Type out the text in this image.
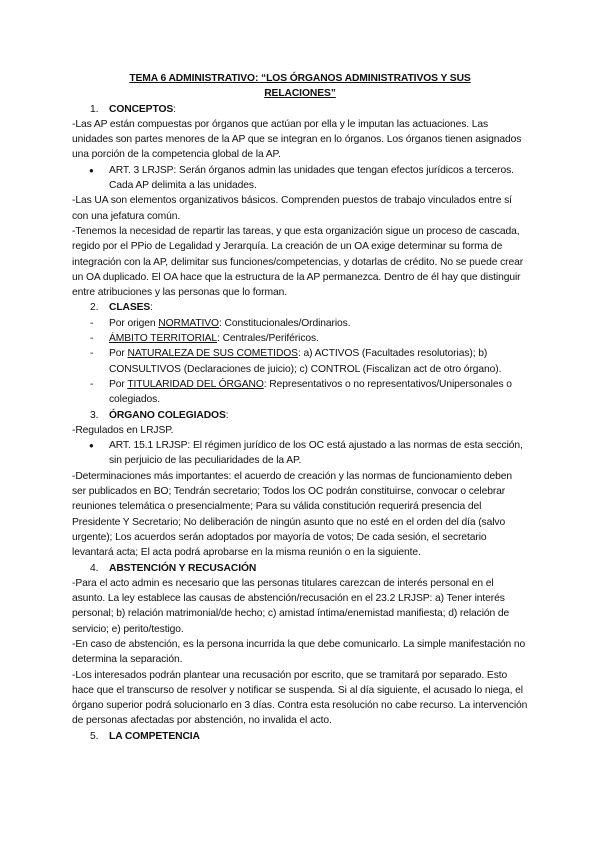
TEMA 6 ADMINISTRATIVO: “LOS ÓRGANOS ADMINISTRATIVOS Y SUS
RELACIONES”
1. CONCEPTOS:

-Las AP están compuestas por órganos que actúan por ella y le imputan las actuaciones. Las unidades son partes menores de la AP que se integran en lo órganos. Los órganos tienen asignados una porción de la competencia global de la AP.

● ART. 3 LRJSP: Serán órganos admin las unidades que tengan efectos jurídicos a terceros. Cada AP delimita a las unidades.

-Las UA son elementos organizativos básicos. Comprenden puestos de trabajo vinculados entre sí con una jefatura común.

-Tenemos la necesidad de repartir las tareas, y que esta organización sigue un proceso de cascada, regido por el PPio de Legalidad y Jerarquía. La creación de un OA exige determinar su forma de integración con la AP, delimitar sus funciones/competencias, y dotarlas de crédito. No se puede crear un OA duplicado. El OA hace que la estructura de la AP permanezca. Dentro de él hay que distinguir entre atribuciones y las personas que lo forman.

2. CLASES:
- Por origen NORMATIVO: Constitucionales/Ordinarios.
- ÁMBITO TERRITORIAL: Centrales/Periféricos.
- Por NATURALEZA DE SUS COMETIDOS: a) ACTIVOS (Facultades resolutorias); b) CONSULTIVOS (Declaraciones de juicio); c) CONTROL (Fiscalizan act de otro órgano).
- Por TITULARIDAD DEL ÓRGANO: Representativos o no representativos/Unipersonales o colegiados.
3. ÓRGANO COLEGIADOS:

-Regulados en LRJSP.

● ART. 15.1 LRJSP: El régimen jurídico de los OC está ajustado a las normas de esta sección, sin perjuicio de las peculiaridades de la AP.

-Determinaciones más importantes: el acuerdo de creación y las normas de funcionamiento deben ser publicados en BO; Tendrán secretario; Todos los OC podrán constituirse, convocar o celebrar reuniones telemática o presencialmente; Para su válida constitución requerirá presencia del Presidente Y Secretario; No deliberación de ningún asunto que no esté en el orden del día (salvo urgente); Los acuerdos serán adoptados por mayoría de votos; De cada sesión, el secretario levantará acta; El acta podrá aprobarse en la misma reunión o en la siguiente.

4. ABSTENCIÓN Y RECUSACIÓN

-Para el acto admin es necesario que las personas titulares carezcan de interés personal en el asunto. La ley establece las causas de abstención/recusación en el 23.2 LRJSP: a) Tener interés personal; b) relación matrimonial/de hecho; c) amistad íntima/enemistad manifiesta; d) relación de servicio; e) perito/testigo.

-En caso de abstención, es la persona incurrida la que debe comunicarlo. La simple manifestación no determina la separación.

-Los interesados podrán plantear una recusación por escrito, que se tramitará por separado. Esto hace que el transcurso de resolver y notificar se suspenda. Si al día siguiente, el acusado lo niega, el órgano superior podrá solucionarlo en 3 días. Contra esta resolución no cabe recurso. La intervención de personas afectadas por abstención, no invalida el acto.

5. LA COMPETENCIA
